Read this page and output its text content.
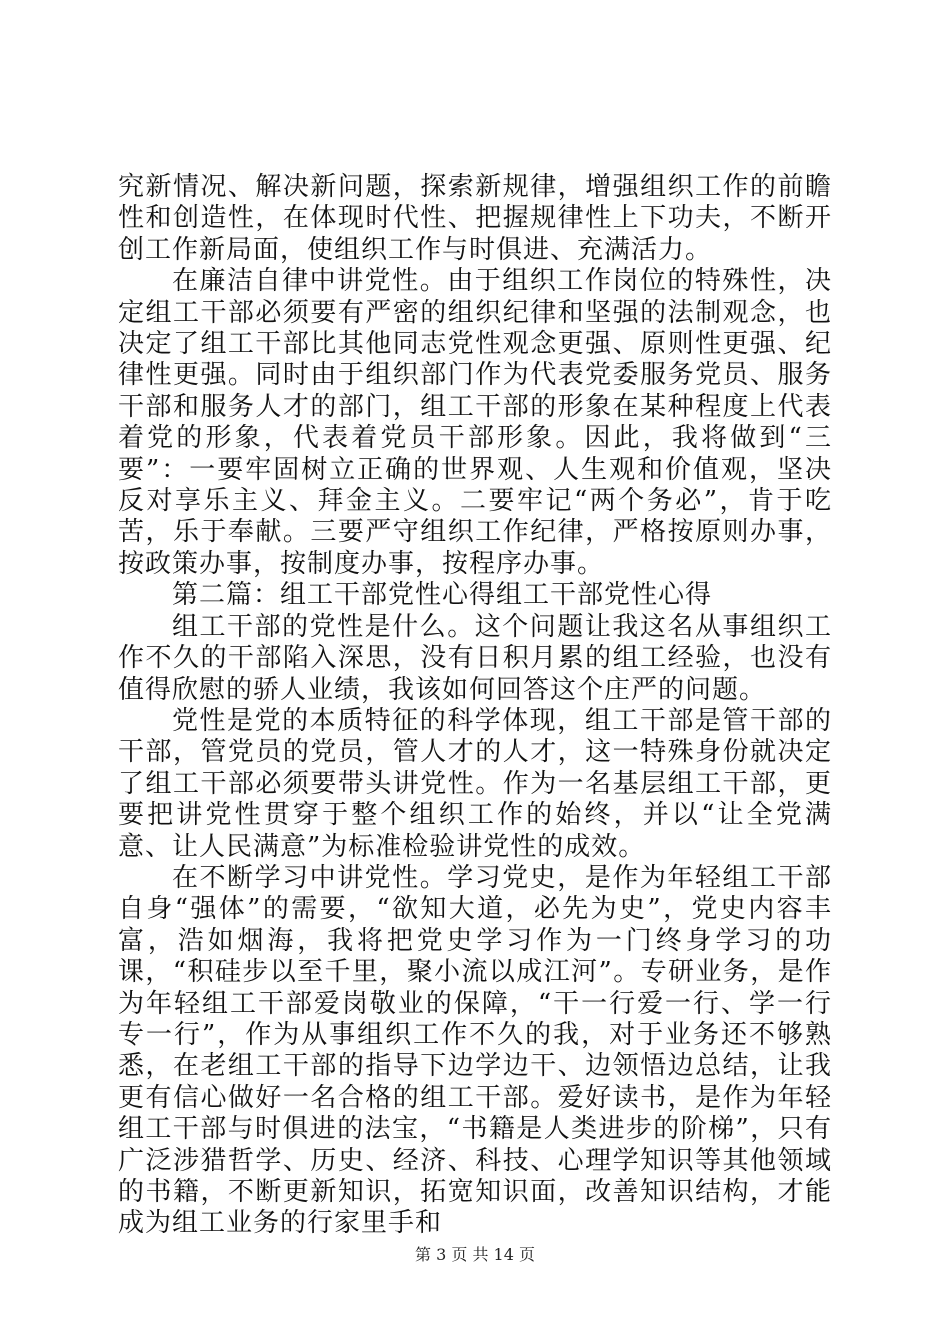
究新情况、解决新问题，探索新规律，增强组织工作的前瞻性和创造性，在体现时代性、把握规律性上下功夫，不断开创工作新局面，使组织工作与时俱进、充满活力。

在廉洁自律中讲党性。由于组织工作岗位的特殊性，决定组工干部必须要有严密的组织纪律和坚强的法制观念，也决定了组工干部比其他同志党性观念更强、原则性更强、纪律性更强。同时由于组织部门作为代表党委服务党员、服务干部和服务人才的部门，组工干部的形象在某种程度上代表着党的形象，代表着党员干部形象。因此，我将做到“三要”：一要牢固树立正确的世界观、人生观和价值观，坚决反对享乐主义、拜金主义。二要牢记“两个务必”，肯于吃苦，乐于奉献。三要严守组织工作纪律，严格按原则办事，按政策办事，按制度办事，按程序办事。

第二篇：组工干部党性心得组工干部党性心得

组工干部的党性是什么。这个问题让我这名从事组织工作不久的干部陷入深思，没有日积月累的组工经验，也没有值得欣慰的骄人业绩，我该如何回答这个庄严的问题。

党性是党的本质特征的科学体现，组工干部是管干部的干部，管党员的党员，管人才的人才，这一特殊身份就决定了组工干部必须要带头讲党性。作为一名基层组工干部，更要把讲党性贯穿于整个组织工作的始终，并以“让全党满意、让人民满意”为标准检验讲党性的成效。

在不断学习中讲党性。学习党史，是作为年轻组工干部自身“强体”的需要，“欲知大道，必先为史”，党史内容丰富，浩如烟海，我将把党史学习作为一门终身学习的功课，“积硅步以至千里，聚小流以成江河”。专研业务，是作为年轻组工干部爱岗敬业的保障，“干一行爱一行、学一行专一行”，作为从事组织工作不久的我，对于业务还不够熟悉，在老组工干部的指导下边学边干、边领悟边总结，让我更有信心做好一名合格的组工干部。爱好读书，是作为年轻组工干部与时俱进的法宝，“书籍是人类进步的阶梯”，只有广泛涉猎哲学、历史、经济、科技、心理学知识等其他领域的书籍，不断更新知识，拓宽知识面，改善知识结构，才能成为组工业务的行家里手和

第 3 页 共 14 页
